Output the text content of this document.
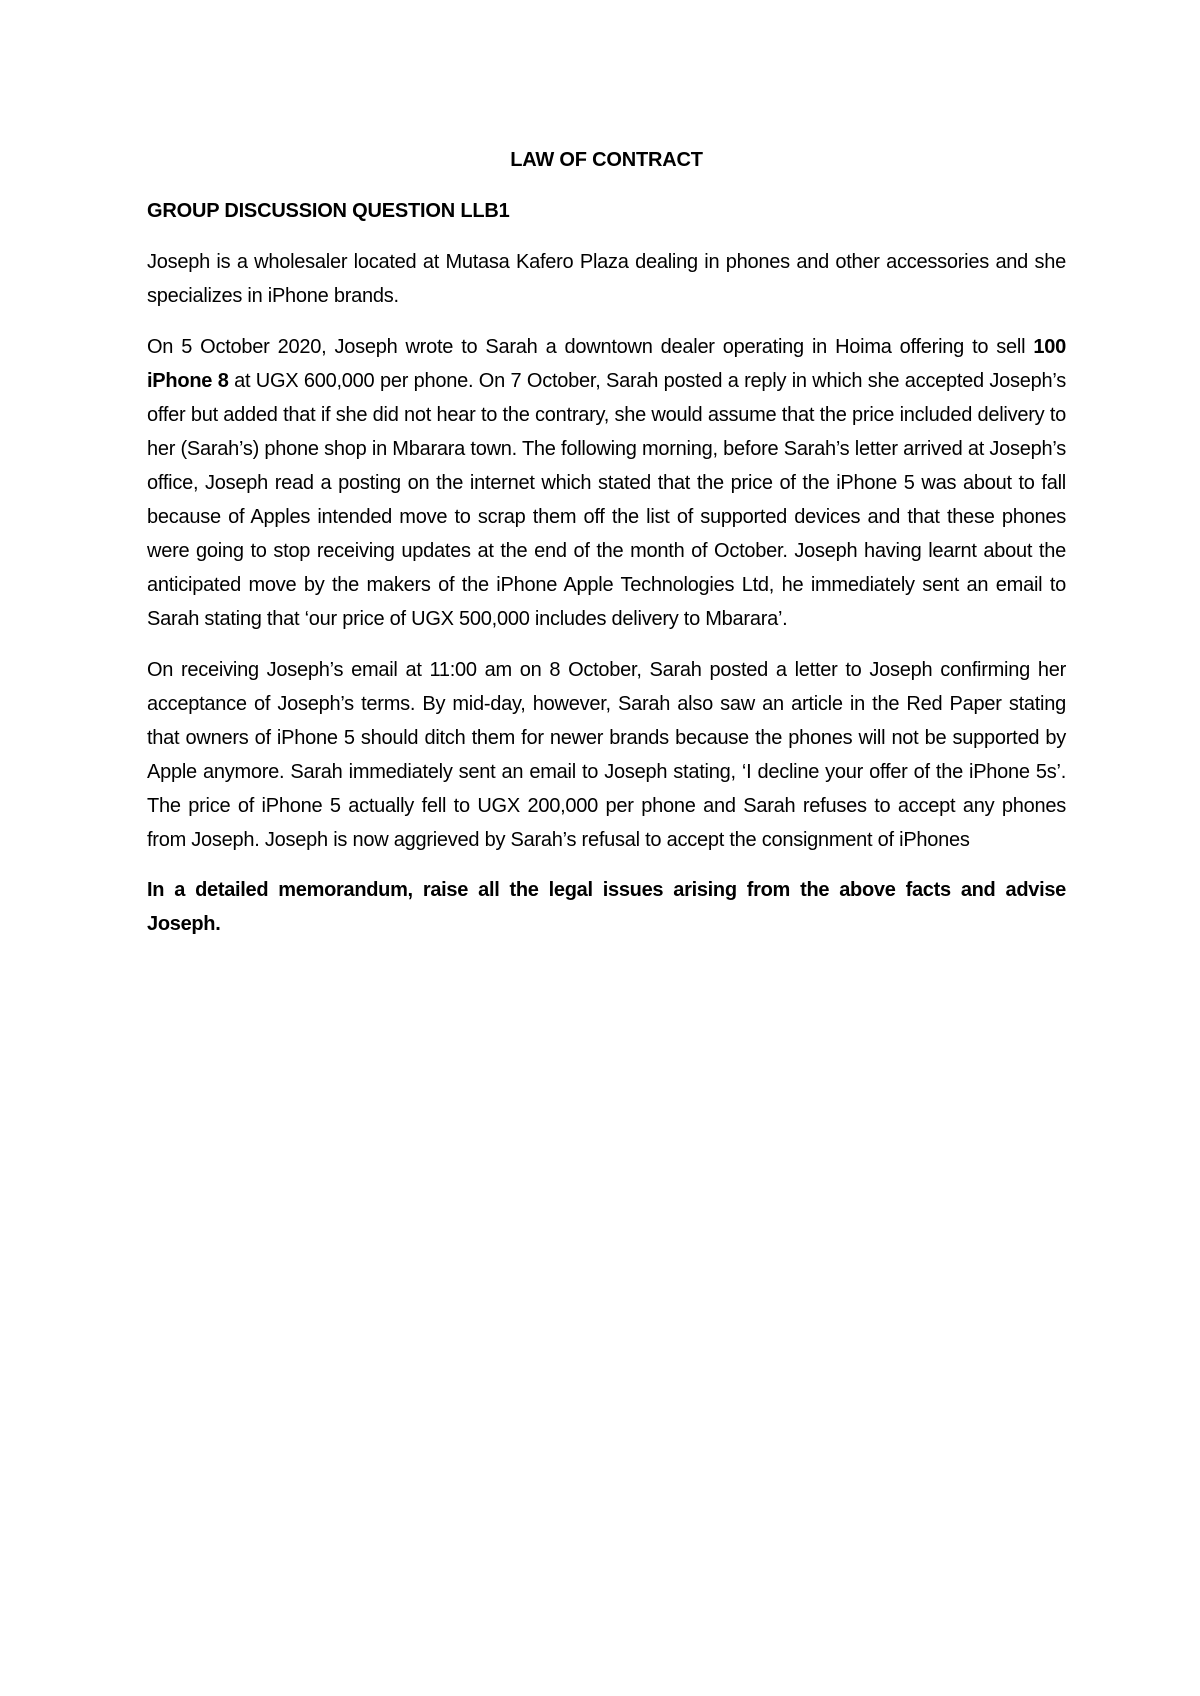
LAW OF CONTRACT
GROUP DISCUSSION QUESTION LLB1

Joseph is a wholesaler located at Mutasa Kafero Plaza dealing in phones and other accessories and she specializes in iPhone brands.

On 5 October 2020, Joseph wrote to Sarah a downtown dealer operating in Hoima offering to sell 100 iPhone 8 at UGX 600,000 per phone. On 7 October, Sarah posted a reply in which she accepted Joseph’s offer but added that if she did not hear to the contrary, she would assume that the price included delivery to her (Sarah’s) phone shop in Mbarara town. The following morning, before Sarah’s letter arrived at Joseph’s office, Joseph read a posting on the internet which stated that the price of the iPhone 5 was about to fall because of Apples intended move to scrap them off the list of supported devices and that these phones were going to stop receiving updates at the end of the month of October. Joseph having learnt about the anticipated move by the makers of the iPhone Apple Technologies Ltd, he immediately sent an email to Sarah stating that ‘our price of UGX 500,000 includes delivery to Mbarara’.

On receiving Joseph’s email at 11:00 am on 8 October, Sarah posted a letter to Joseph confirming her acceptance of Joseph’s terms. By mid-day, however, Sarah also saw an article in the Red Paper stating that owners of iPhone 5 should ditch them for newer brands because the phones will not be supported by Apple anymore. Sarah immediately sent an email to Joseph stating, ‘I decline your offer of the iPhone 5s’. The price of iPhone 5 actually fell to UGX 200,000 per phone and Sarah refuses to accept any phones from Joseph. Joseph is now aggrieved by Sarah’s refusal to accept the consignment of iPhones

In a detailed memorandum, raise all the legal issues arising from the above facts and advise Joseph.
